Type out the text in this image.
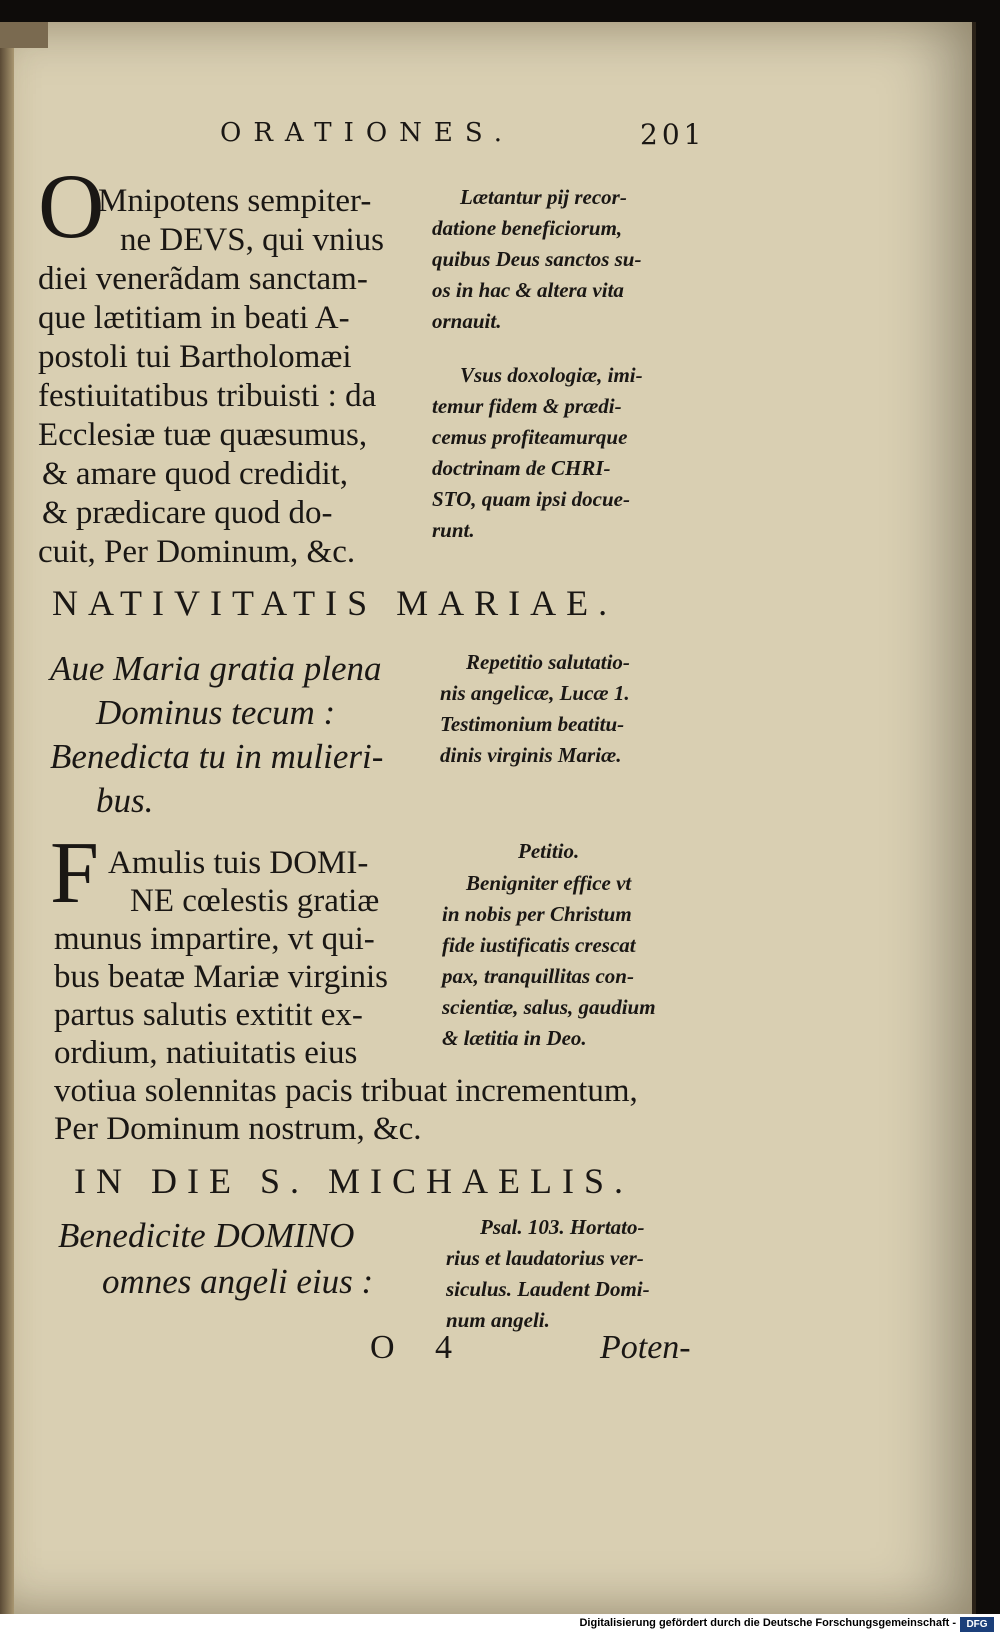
ORATIONES.	201
O
Mnipotens sempiter-
ne DEVS, qui vnius
diei venerãdam sanctam-
que lætitiam in beati A-
postoli tui Bartholomæi
festiuitatibus tribuisti : da
Ecclesiæ tuæ quæsumus,
& amare quod credidit,
& prædicare quod do-
cuit, Per Dominum, &c.
Lætantur pij recor-
datione beneficiorum,
quibus Deus sanctos su-
os in hac & altera vita
ornauit.
Vsus doxologiæ, imi-
temur fidem & prædi-
cemus profiteamurque
doctrinam de CHRI-
STO, quam ipsi docue-
runt.
NATIVITATIS MARIAE.
Aue Maria gratia plena
Dominus tecum :
Benedicta tu in mulieri-
bus.
Repetitio salutatio-
nis angelicæ, Lucæ 1.
Testimonium beatitu-
dinis virginis Mariæ.
F Amulis tuis DOMI-
NE cœlestis gratiæ
munus impartire, vt qui-
bus beatæ Mariæ virginis
partus salutis extitit ex-
ordium, natiuitatis eius
votiua solennitas pacis tribuat incrementum,
Per Dominum nostrum, &c.
Petitio.
Benigniter effice vt
in nobis per Christum
fide iustificatis crescat
pax, tranquillitas con-
scientiæ, salus, gaudium
& lætitia in Deo.
IN DIE S. MICHAELIS.
Benedicite DOMINO
omnes angeli eius :
Psal. 103. Hortato-
rius et laudatorius ver-
siculus. Laudent Domi-
num angeli.
O 4	Poten-
Digitalisierung gefördert durch die Deutsche Forschungsgemeinschaft -	DFG
